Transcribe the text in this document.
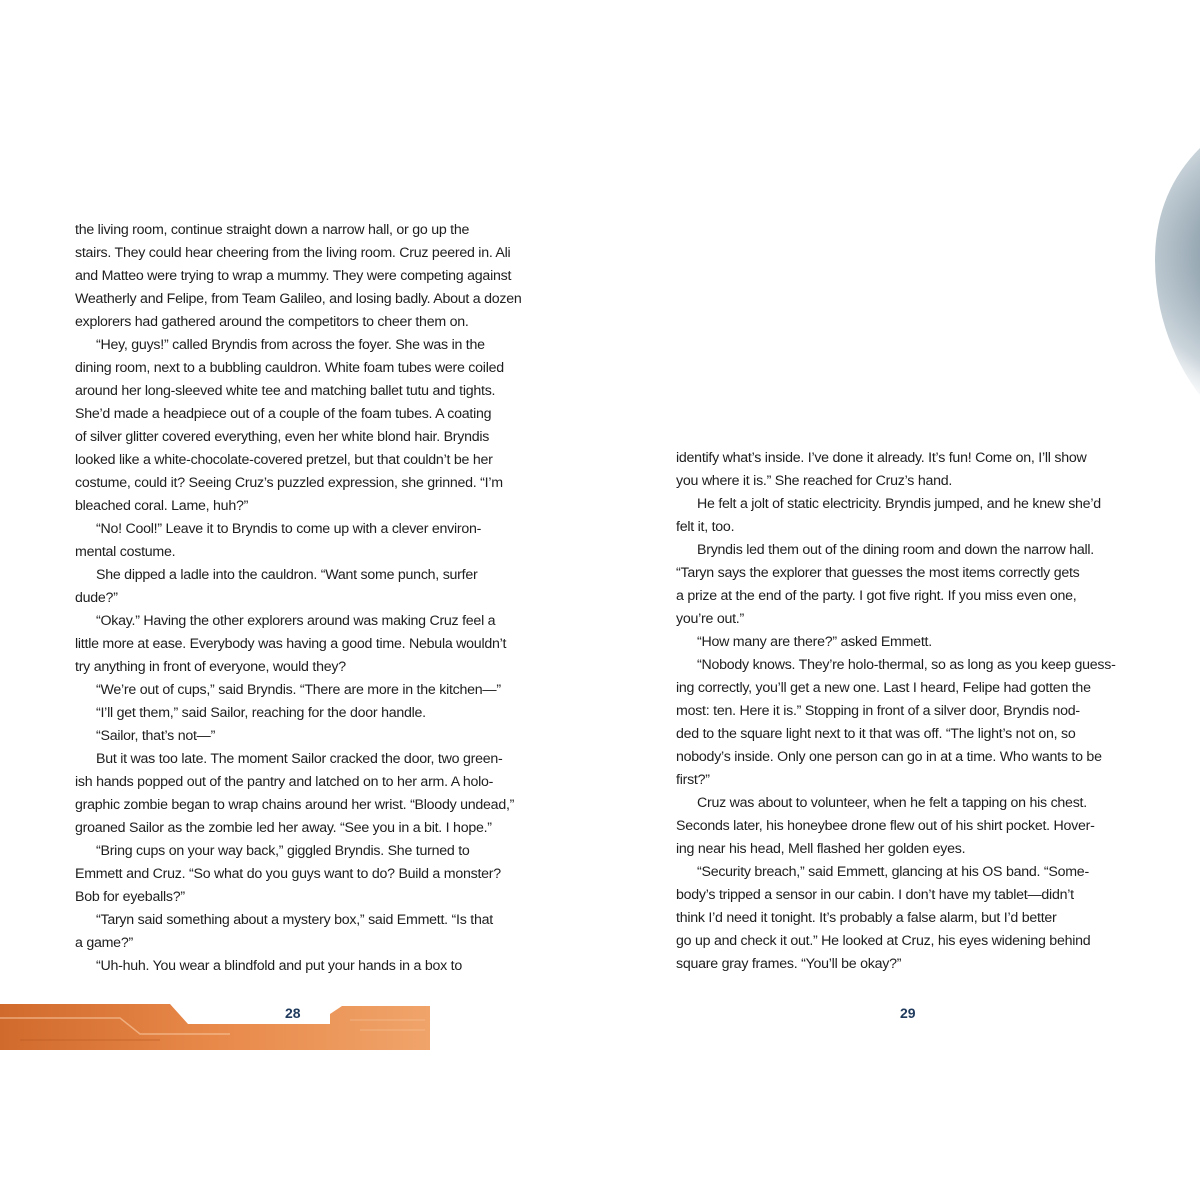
the living room, continue straight down a narrow hall, or go up the

stairs. They could hear cheering from the living room. Cruz peered in. Ali

and Matteo were trying to wrap a mummy. They were competing against

Weatherly and Felipe, from Team Galileo, and losing badly. About a dozen

explorers had gathered around the competitors to cheer them on.

“Hey, guys!” called Bryndis from across the foyer. She was in the

dining room, next to a bubbling cauldron. White foam tubes were coiled

around her long-sleeved white tee and matching ballet tutu and tights.

She’d made a headpiece out of a couple of the foam tubes. A coating

of silver glitter covered everything, even her white blond hair. Bryndis

looked like a white-chocolate-covered pretzel, but that couldn’t be her

costume, could it? Seeing Cruz’s puzzled expression, she grinned. “I’m

bleached coral. Lame, huh?”

“No! Cool!” Leave it to Bryndis to come up with a clever environ-

mental costume.

She dipped a ladle into the cauldron. “Want some punch, surfer

dude?”

“Okay.” Having the other explorers around was making Cruz feel a

little more at ease. Everybody was having a good time. Nebula wouldn’t

try anything in front of everyone, would they?

“We’re out of cups,” said Bryndis. “There are more in the kitchen—”

“I’ll get them,” said Sailor, reaching for the door handle.

“Sailor, that’s not—”

But it was too late. The moment Sailor cracked the door, two green-

ish hands popped out of the pantry and latched on to her arm. A holo-

graphic zombie began to wrap chains around her wrist. “Bloody undead,”

groaned Sailor as the zombie led her away. “See you in a bit. I hope.”

“Bring cups on your way back,” giggled Bryndis. She turned to

Emmett and Cruz. “So what do you guys want to do? Build a monster?

Bob for eyeballs?”

“Taryn said something about a mystery box,” said Emmett. “Is that

a game?”

“Uh-huh. You wear a blindfold and put your hands in a box to

28

identify what’s inside. I’ve done it already. It’s fun! Come on, I’ll show

you where it is.” She reached for Cruz’s hand.

He felt a jolt of static electricity. Bryndis jumped, and he knew she’d

felt it, too.

Bryndis led them out of the dining room and down the narrow hall.

“Taryn says the explorer that guesses the most items correctly gets

a prize at the end of the party. I got five right. If you miss even one,

you’re out.”

“How many are there?” asked Emmett.

“Nobody knows. They’re holo-thermal, so as long as you keep guess-

ing correctly, you’ll get a new one. Last I heard, Felipe had gotten the

most: ten. Here it is.” Stopping in front of a silver door, Bryndis nod-

ded to the square light next to it that was off. “The light’s not on, so

nobody’s inside. Only one person can go in at a time. Who wants to be

first?”

Cruz was about to volunteer, when he felt a tapping on his chest.

Seconds later, his honeybee drone flew out of his shirt pocket. Hover-

ing near his head, Mell flashed her golden eyes.

“Security breach,” said Emmett, glancing at his OS band. “Some-

body’s tripped a sensor in our cabin. I don’t have my tablet—didn’t

think I’d need it tonight. It’s probably a false alarm, but I’d better

go up and check it out.” He looked at Cruz, his eyes widening behind

square gray frames. “You’ll be okay?”

29
